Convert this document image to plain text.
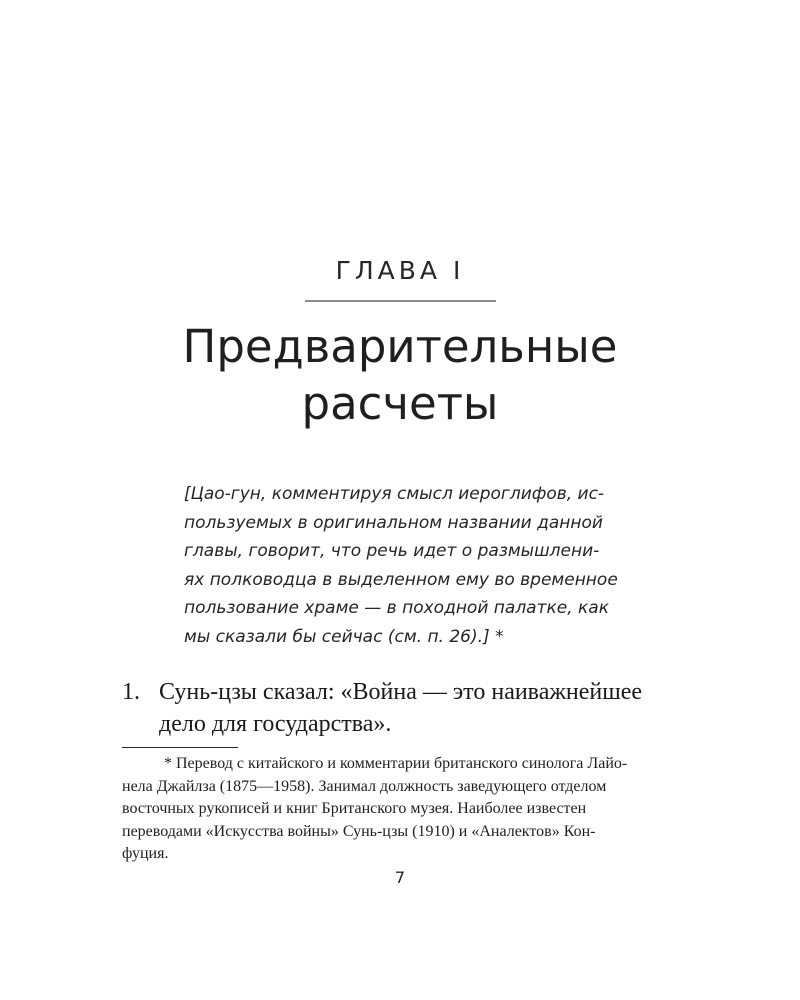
ГЛАВА I
Предварительные
расчеты
[Цао-гун, комментируя смысл иероглифов, ис-
пользуемых в оригинальном названии данной
главы, говорит, что речь идет о размышлени-
ях полководца в выделенном ему во временное
пользование храме — в походной палатке, как
мы сказали бы сейчас (см. п. 26).] *
1. Сунь-цзы сказал: «Война — это наиважнейшее
дело для государства».
* Перевод с китайского и комментарии британского синолога Лайо-
нела Джайлза (1875—1958). Занимал должность заведующего отделом
восточных рукописей и книг Британского музея. Наиболее известен
переводами «Искусства войны» Сунь-цзы (1910) и «Аналектов» Кон-
фуция.
7
